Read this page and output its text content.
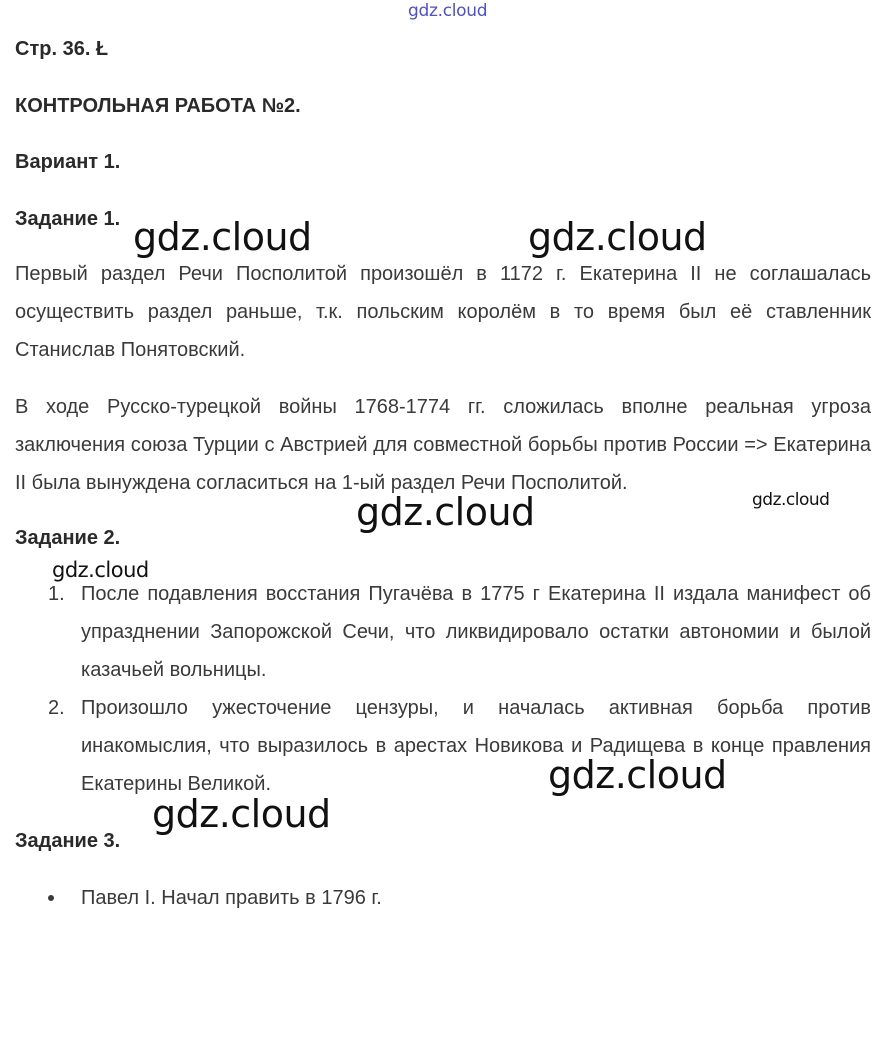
gdz.cloud
Стр. 36. Ł
КОНТРОЛЬНАЯ РАБОТА №2.
Вариант 1.
Задание 1.
Первый раздел Речи Посполитой произошёл в 1172 г. Екатерина II не соглашалась осуществить раздел раньше, т.к. польским королём в то время был её ставленник Станислав Понятовский.
В ходе Русско-турецкой войны 1768-1774 гг. сложилась вполне реальная угроза заключения союза Турции с Австрией для совместной борьбы против России => Екатерина II была вынуждена согласиться на 1-ый раздел Речи Посполитой.
Задание 2.
1. После подавления восстания Пугачёва в 1775 г Екатерина II издала манифест об упразднении Запорожской Сечи, что ликвидировало остатки автономии и былой казачьей вольницы.
2. Произошло ужесточение цензуры, и началась активная борьба против инакомыслия, что выразилось в арестах Новикова и Радищева в конце правления Екатерины Великой.
Задание 3.
Павел I. Начал править в 1796 г.
gdz.cloud	gdz.cloud
gdz.cloud	gdz.cloud
gdz.cloud
gdz.cloud
gdz.cloud
